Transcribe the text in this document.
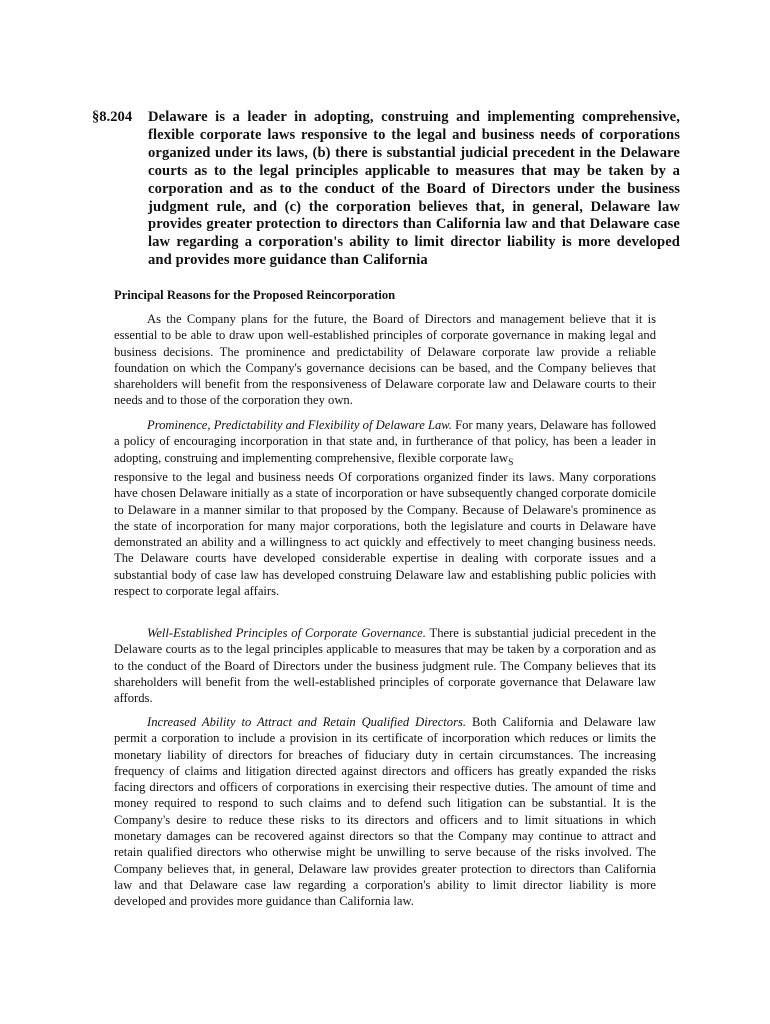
§8.204 Delaware is a leader in adopting, construing and implementing comprehensive, flexible corporate laws responsive to the legal and business needs of corporations organized under its laws, (b) there is substantial judicial precedent in the Delaware courts as to the legal principles applicable to measures that may be taken by a corporation and as to the conduct of the Board of Directors under the business judgment rule, and (c) the corporation believes that, in general, Delaware law provides greater protection to directors than California law and that Delaware case law regarding a corporation's ability to limit director liability is more developed and provides more guidance than California
Principal Reasons for the Proposed Reincorporation

As the Company plans for the future, the Board of Directors and management believe that it is essential to be able to draw upon well-established principles of corporate governance in making legal and business decisions. The prominence and predictability of Delaware corporate law provide a reliable foundation on which the Company's governance decisions can be based, and the Company believes that shareholders will benefit from the responsiveness of Delaware corporate law and Delaware courts to their needs and to those of the corporation they own.

Prominence, Predictability and Flexibility of Delaware Law. For many years, Delaware has followed a policy of encouraging incorporation in that state and, in furtherance of that policy, has been a leader in adopting, construing and implementing comprehensive, flexible corporate law$_S$

responsive to the legal and business needs Of corporations organized finder its laws. Many corporations have chosen Delaware initially as a state of incorporation or have subsequently changed corporate domicile to Delaware in a manner similar to that proposed by the Company. Because of Delaware's prominence as the state of incorporation for many major corporations, both the legislature and courts in Delaware have demonstrated an ability and a willingness to act quickly and effectively to meet changing business needs. The Delaware courts have developed considerable expertise in dealing with corporate issues and a substantial body of case law has developed construing Delaware law and establishing public policies with respect to corporate legal affairs.

Well-Established Principles of Corporate Governance. There is substantial judicial precedent in the Delaware courts as to the legal principles applicable to measures that may be taken by a corporation and as to the conduct of the Board of Directors under the business judgment rule. The Company believes that its shareholders will benefit from the well-established principles of corporate governance that Delaware law affords.

Increased Ability to Attract and Retain Qualified Directors. Both California and Delaware law permit a corporation to include a provision in its certificate of incorporation which reduces or limits the monetary liability of directors for breaches of fiduciary duty in certain circumstances. The increasing frequency of claims and litigation directed against directors and officers has greatly expanded the risks facing directors and officers of corporations in exercising their respective duties. The amount of time and money required to respond to such claims and to defend such litigation can be substantial. It is the Company's desire to reduce these risks to its directors and officers and to limit situations in which monetary damages can be recovered against directors so that the Company may continue to attract and retain qualified directors who otherwise might be unwilling to serve because of the risks involved. The Company believes that, in general, Delaware law provides greater protection to directors than California law and that Delaware case law regarding a corporation's ability to limit director liability is more developed and provides more guidance than California law.
